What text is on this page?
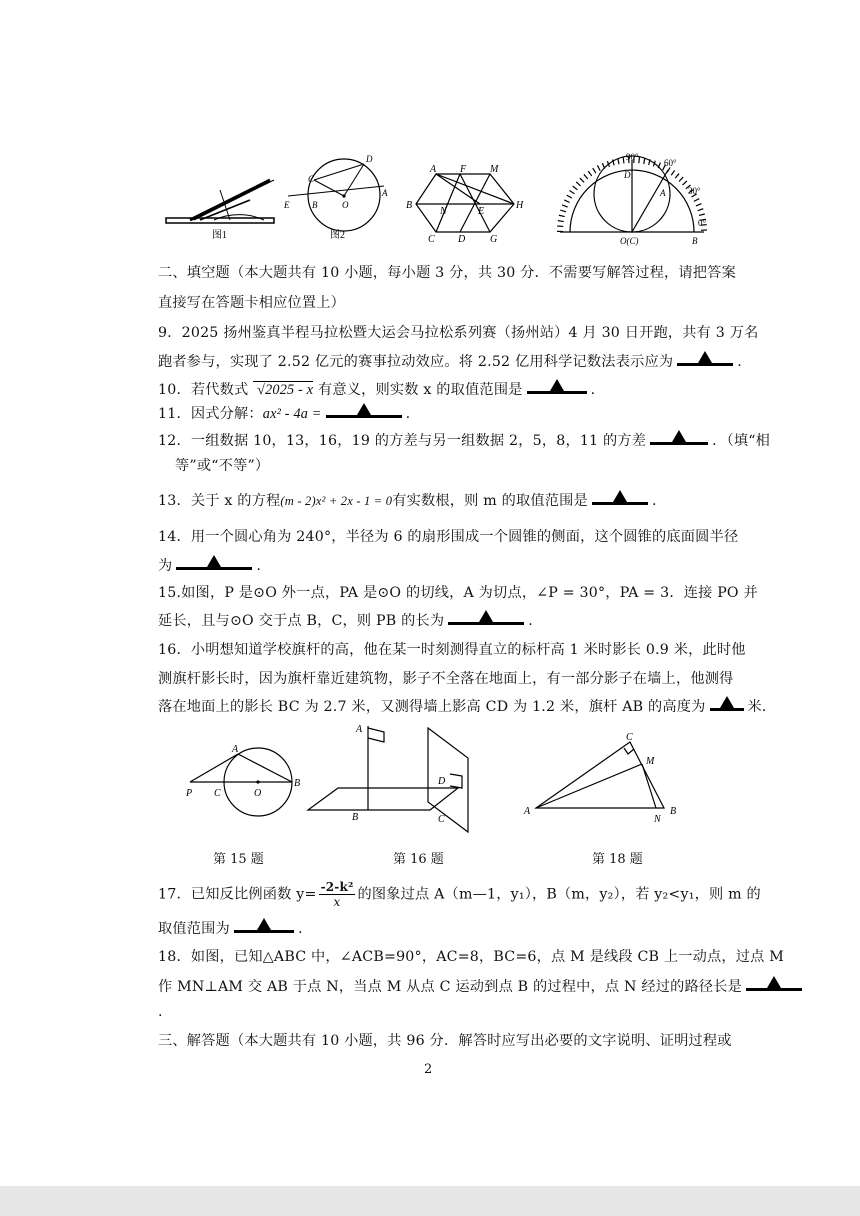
图1
D
C
E	B	O
A
图2
A F M
B
N	E
H
C D G
90°
60°
30°
0°
D
A
O(C)	B
二、填空题（本大题共有 10 小题，每小题 3 分，共 30 分．不需要写解答过程，请把答案
直接写在答题卡相应位置上）
9．2025 扬州鉴真半程马拉松暨大运会马拉松系列赛（扬州站）4 月 30 日开跑，共有 3 万名
跑者参与，实现了 2.52 亿元的赛事拉动效应。将 2.52 亿用科学记数法表示应为	.
10．若代数式 √2025 - x 有意义，则实数 x 的取值范围是	.
11．因式分解：ax² - 4a =	.
12．一组数据 10，13，16，19 的方差与另一组数据 2，5，8，11 的方差	．（填“相
等”或“不等”）
13．关于 x 的方程(m - 2)x² + 2x - 1 = 0有实数根，则 m 的取值范围是	.
14．用一个圆心角为 240°，半径为 6 的扇形围成一个圆锥的侧面，这个圆锥的底面圆半径
为	.
15.如图，P 是⊙O 外一点，PA 是⊙O 的切线，A 为切点，∠P = 30°，PA = 3．连接 PO 并
延长，且与⊙O 交于点 B，C，则 PB 的长为	.
16．小明想知道学校旗杆的高，他在某一时刻测得直立的标杆高 1 米时影长 0.9 米，此时他
测旗杆影长时，因为旗杆靠近建筑物，影子不全落在地面上，有一部分影子在墙上，他测得
落在地面上的影长 BC 为 2.7 米，又测得墙上影高 CD 为 1.2 米，旗杆 AB 的高度为	米．
A
P C	O
B
A
D
B	C
C
M
A
N
B
第 15 题	第 16 题	第 18 题
17．已知反比例函数 $y= \frac{\text{-2-k²}}{x}$ 的图象过点 A（m—1，y₁），B（m，y₂），若 y₂<y₁，则 m 的
取值范围为	.
18．如图，已知△ABC 中，∠ACB=90°，AC=8，BC=6，点 M 是线段 CB 上一动点，过点 M
作 MN⊥AM 交 AB 于点 N，当点 M 从点 C 运动到点 B 的过程中，点 N 经过的路径长是
.
三、解答题（本大题共有 10 小题，共 96 分．解答时应写出必要的文字说明、证明过程或
2
